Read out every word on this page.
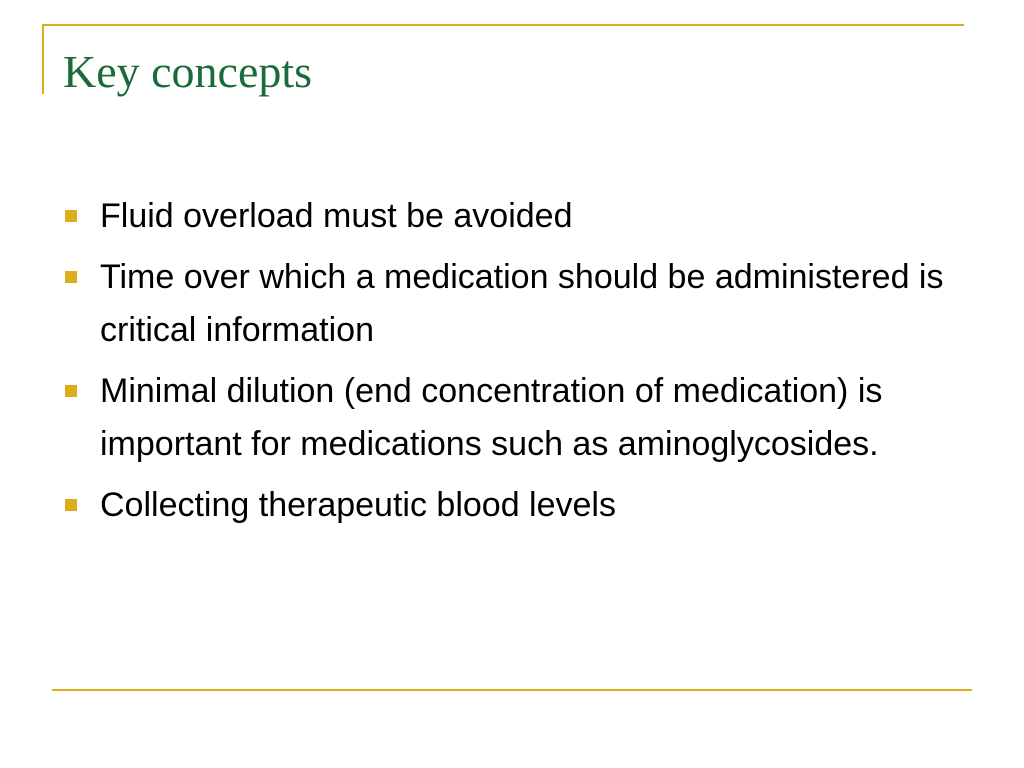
Key concepts
Fluid overload must be avoided
Time over which a medication should be administered is critical information
Minimal dilution (end concentration of medication) is important for medications such as aminoglycosides.
Collecting therapeutic blood levels
